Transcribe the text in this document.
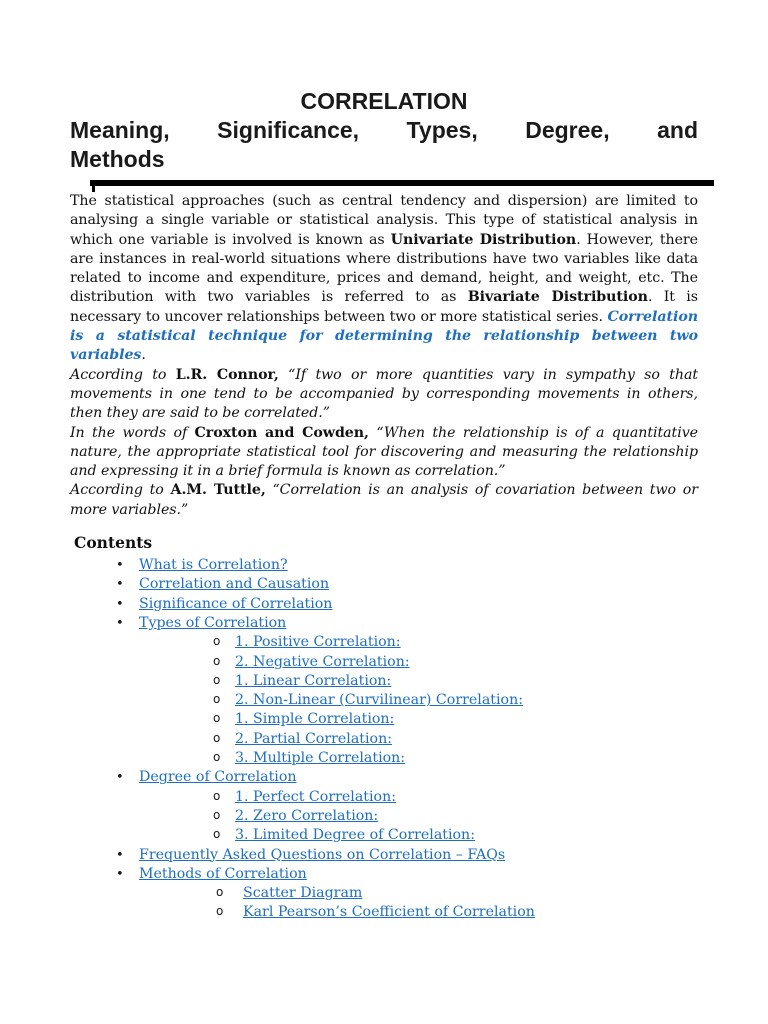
CORRELATION

Meaning, Significance, Types, Degree, and

Methods

The statistical approaches (such as central tendency and dispersion) are limited to analysing a single variable or statistical analysis. This type of statistical analysis in which one variable is involved is known as Univariate Distribution. However, there are instances in real-world situations where distributions have two variables like data related to income and expenditure, prices and demand, height, and weight, etc. The distribution with two variables is referred to as Bivariate Distribution. It is necessary to uncover relationships between two or more statistical series. Correlation is a statistical technique for determining the relationship between two variables.

According to L.R. Connor, “If two or more quantities vary in sympathy so that movements in one tend to be accompanied by corresponding movements in others, then they are said to be correlated.”

In the words of Croxton and Cowden, “When the relationship is of a quantitative nature, the appropriate statistical tool for discovering and measuring the relationship and expressing it in a brief formula is known as correlation.”

According to A.M. Tuttle, “Correlation is an analysis of covariation between two or more variables.”

Contents
• What is Correlation?
• Correlation and Causation
• Significance of Correlation
• Types of Correlation
o 1. Positive Correlation:
o 2. Negative Correlation:
o 1. Linear Correlation:
o 2. Non-Linear (Curvilinear) Correlation:
o 1. Simple Correlation:
o 2. Partial Correlation:
o 3. Multiple Correlation:
• Degree of Correlation
o 1. Perfect Correlation:
o 2. Zero Correlation:
o 3. Limited Degree of Correlation:
• Frequently Asked Questions on Correlation – FAQs
• Methods of Correlation
o Scatter Diagram
o Karl Pearson’s Coefficient of Correlation
